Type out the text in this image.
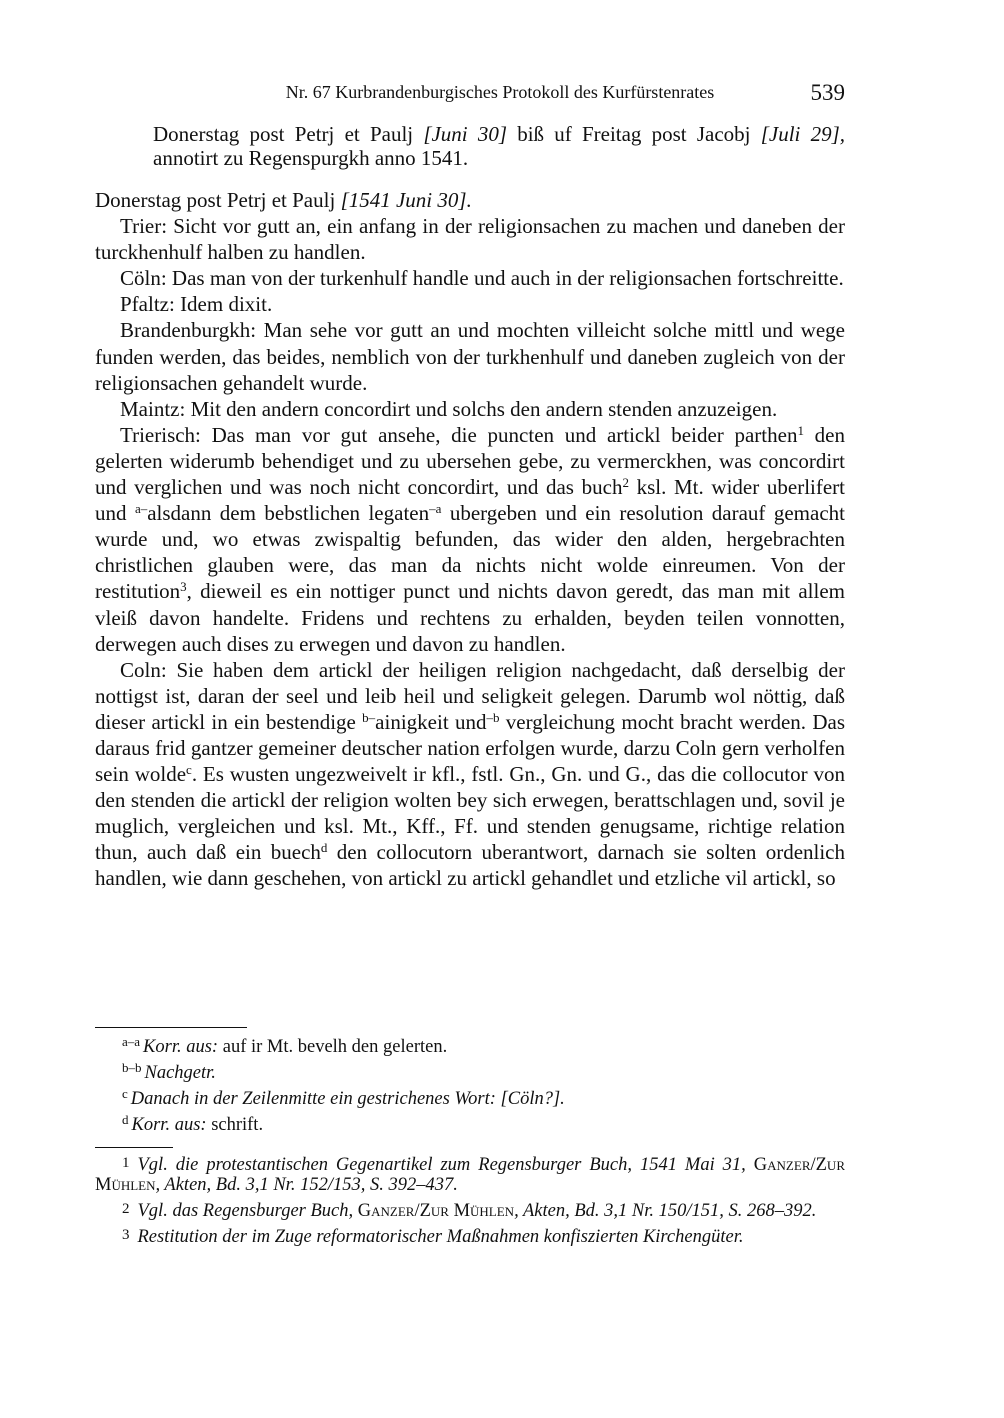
Nr. 67 Kurbrandenburgisches Protokoll des Kurfürstenrates	539
Donerstag post Petrj et Paulj [Juni 30] biß uf Freitag post Jacobj [Juli 29], annotirt zu Regenspurgkh anno 1541.

Donerstag post Petrj et Paulj [1541 Juni 30].

Trier: Sicht vor gutt an, ein anfang in der religionsachen zu machen und daneben der turckhenhulf halben zu handlen.

Cöln: Das man von der turkenhulf handle und auch in der religionsachen fortschreitte.

Pfaltz: Idem dixit.

Brandenburgkh: Man sehe vor gutt an und mochten villeicht solche mittl und wege funden werden, das beides, nemblich von der turkhenhulf und daneben zugleich von der religionsachen gehandelt wurde.

Maintz: Mit den andern concordirt und solchs den andern stenden anzuzeigen.

Trierisch: Das man vor gut ansehe, die puncten und artickl beider parthen$^1$ den gelerten widerumb behendiget und zu ubersehen gebe, zu vermerckhen, was concordirt und verglichen und was noch nicht concordirt, und das buch$^2$ ksl. Mt. wider uberlifert und $^{a-}$alsdann dem bebstlichen legaten$^{-a}$ ubergeben und ein resolution darauf gemacht wurde und, wo etwas zwispaltig befunden, das wider den alden, hergebrachten christlichen glauben were, das man da nichts nicht wolde einreumen. Von der restitution$^3$, dieweil es ein nottiger punct und nichts davon geredt, das man mit allem vleiß davon handelte. Fridens und rechtens zu erhalden, beyden teilen vonnotten, derwegen auch dises zu erwegen und davon zu handlen.

Coln: Sie haben dem artickl der heiligen religion nachgedacht, daß derselbig der nottigst ist, daran der seel und leib heil und seligkeit gelegen. Darumb wol nöttig, daß dieser artickl in ein bestendige $^{b-}$ainigkeit und$^{-b}$ vergleichung mocht bracht werden. Das daraus frid gantzer gemeiner deutscher nation erfolgen wurde, darzu Coln gern verholfen sein wolde$^c$. Es wusten ungezweivelt ir kfl., fstl. Gn., Gn. und G., das die collocutor von den stenden die artickl der religion wolten bey sich erwegen, berattschlagen und, sovil je muglich, vergleichen und ksl. Mt., Kff., Ff. und stenden genugsame, richtige relation thun, auch daß ein buech$^d$ den collocutorn uberantwort, darnach sie solten ordenlich handlen, wie dann geschehen, von artickl zu artickl gehandlet und etzliche vil artickl, so

$^{a-a}$ Korr. aus: auf ir Mt. bevelh den gelerten.
$^{b-b}$ Nachgetr.
$^c$ Danach in der Zeilenmitte ein gestrichenes Wort: [Cöln?].
$^d$ Korr. aus: schrift.
1 Vgl. die protestantischen Gegenartikel zum Regensburger Buch, 1541 Mai 31, Ganzer/Zur Mühlen, Akten, Bd. 3,1 Nr. 152/153, S. 392–437.
2 Vgl. das Regensburger Buch, Ganzer/Zur Mühlen, Akten, Bd. 3,1 Nr. 150/151, S. 268–392.
3 Restitution der im Zuge reformatorischer Maßnahmen konfiszierten Kirchengüter.
